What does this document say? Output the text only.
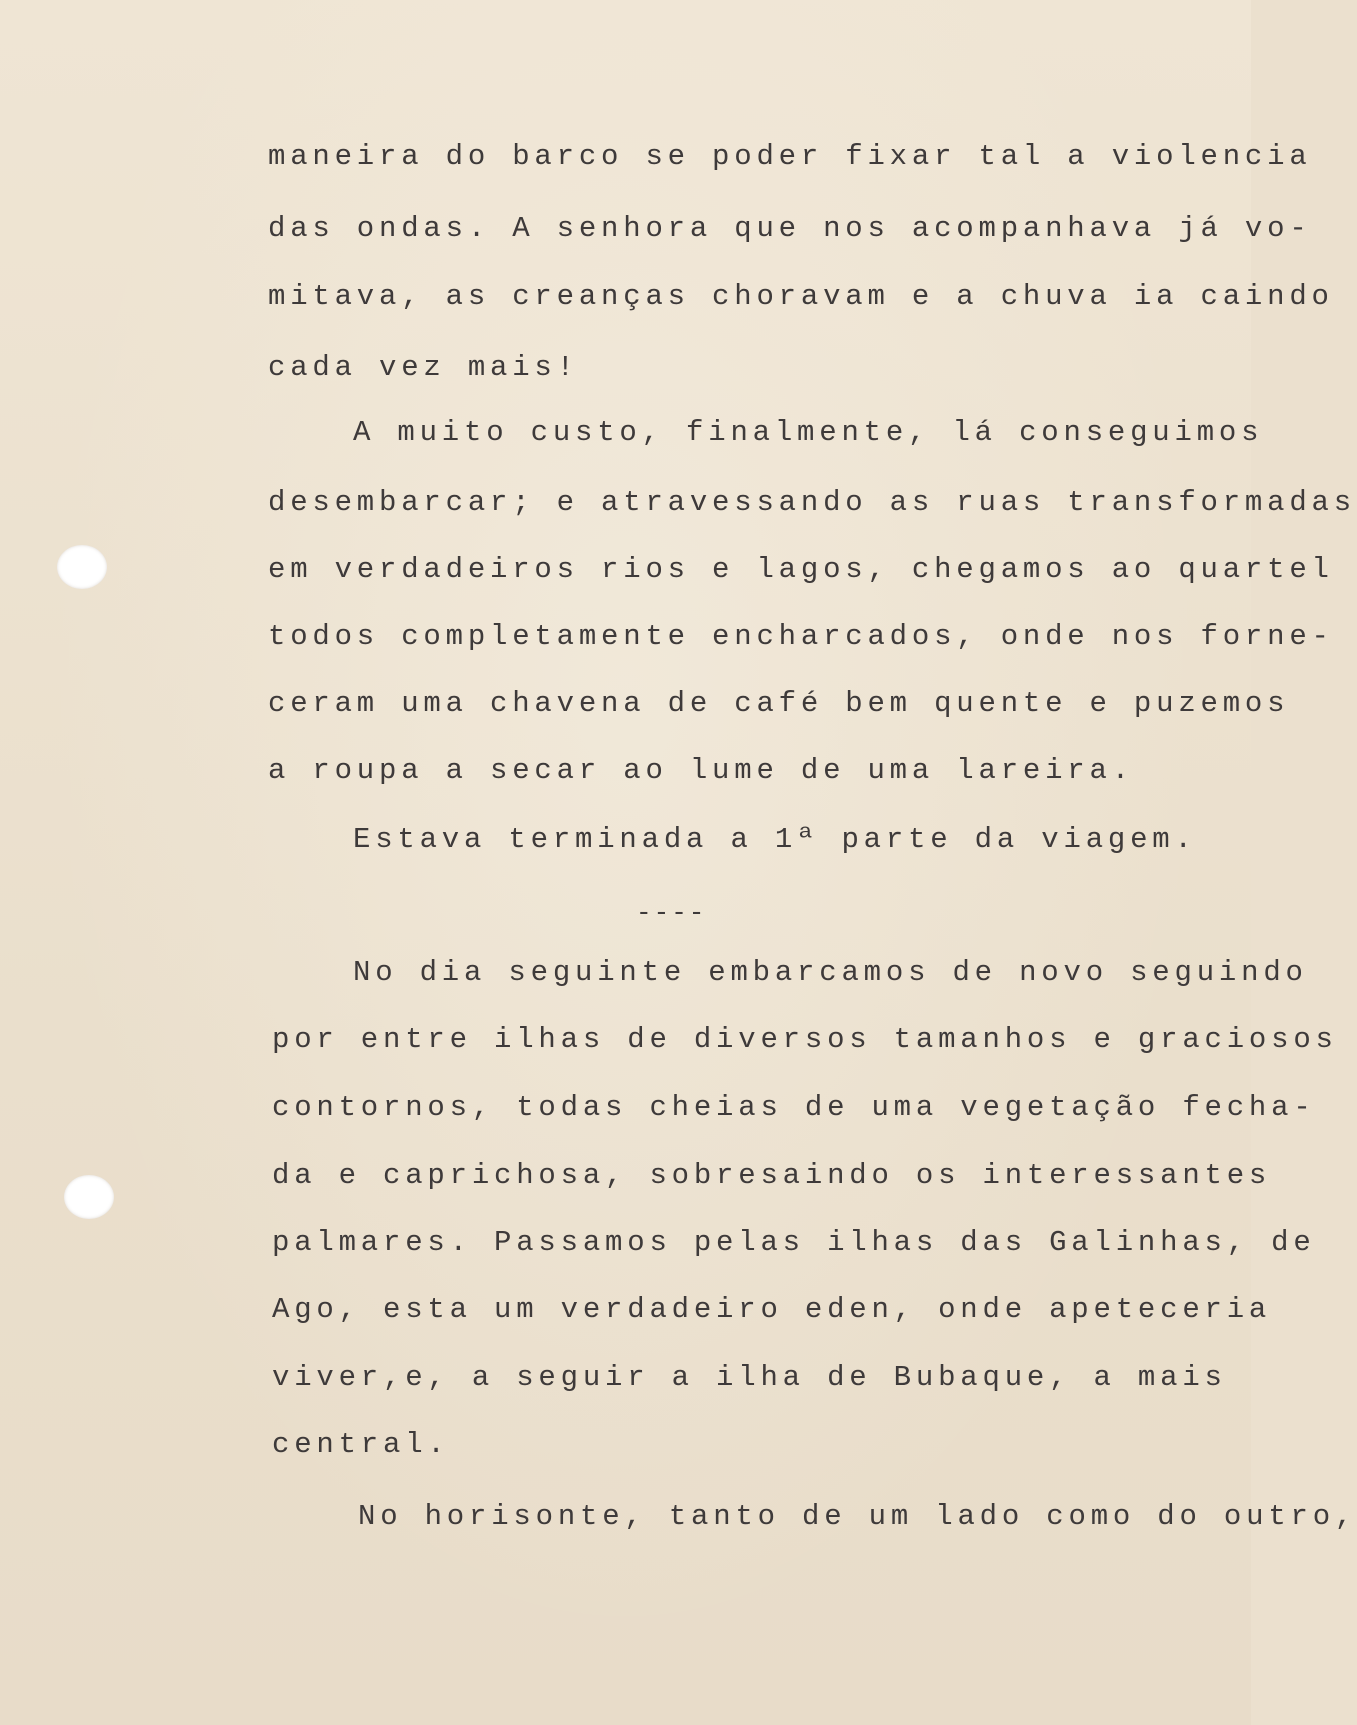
maneira do barco se poder fixar tal a violencia
das ondas. A senhora que nos acompanhava já vo-
mitava, as creanças choravam e a chuva ia caindo
cada vez mais!
A muito custo, finalmente, lá conseguimos
desembarcar; e atravessando as ruas transformadas
em verdadeiros rios e lagos, chegamos ao quartel
todos completamente encharcados, onde nos forne-
ceram uma chavena de café bem quente e puzemos
a roupa a secar ao lume de uma lareira.
Estava terminada a 1ª parte da viagem.
----
No dia seguinte embarcamos de novo seguindo
por entre ilhas de diversos tamanhos e graciosos
contornos, todas cheias de uma vegetação fecha-
da e caprichosa, sobresaindo os interessantes
palmares. Passamos pelas ilhas das Galinhas, de
Ago, esta um verdadeiro eden, onde apeteceria
viver,e, a seguir a ilha de Bubaque, a mais
central.
No horisonte, tanto de um lado como do outro,
